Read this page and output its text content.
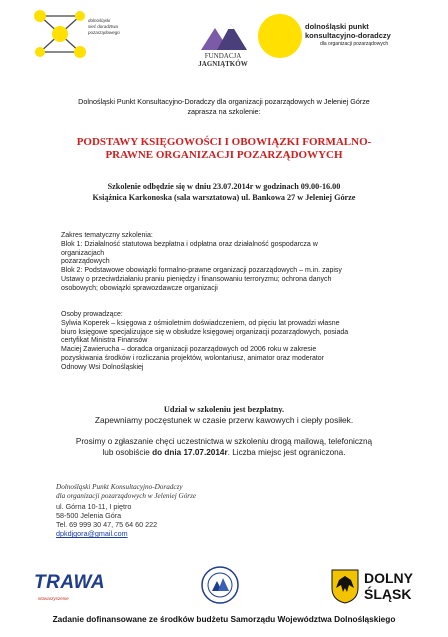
dolnośląski
sieć doradztwa
pozarządowego
FUNDACJA
JAGNIĄTKÓW
dolnośląski punkt
konsultacyjno-doradczy
dla organizacji pozarządowych
Dolnośląski Punkt Konsultacyjno-Doradczy dla organizacji pozarządowych w Jeleniej Górze
zaprasza na szkolenie:
PODSTAWY KSIĘGOWOŚCI I OBOWIĄZKI FORMALNO-
PRAWNE ORGANIZACJI POZARZĄDOWYCH
Szkolenie odbędzie się w dniu 23.07.2014r w godzinach 09.00-16.00
Książnica Karkonoska (sala warsztatowa) ul. Bankowa 27 w Jeleniej Górze

Zakres tematyczny szkolenia:

Blok 1: Działalność statutowa bezpłatna i odpłatna oraz działalność gospodarcza w

organizacjach

pozarządowych

Blok 2: Podstawowe obowiązki formalno-prawne organizacji pozarządowych – m.in. zapisy

Ustawy o przeciwdziałaniu praniu pieniędzy i finansowaniu terroryzmu; ochrona danych

osobowych; obowiązki sprawozdawcze organizacji

Osoby prowadzące:

Sylwia Koperek – księgowa z ośmioletnim doświadczeniem, od pięciu lat prowadzi własne

biuro księgowe specjalizujące się w obsłudze księgowej organizacji pozarządowych, posiada

certyfikat Ministra Finansów

Maciej Zawierucha – doradca organizacji pozarządowych od 2006 roku w zakresie

pozyskiwania środków i rozliczania projektów, wolontariusz, animator oraz moderator

Odnowy Wsi Dolnośląskiej

Udział w szkoleniu jest bezpłatny.
Zapewniamy poczęstunek w czasie przerw kawowych i ciepły posiłek.
Prosimy o zgłaszanie chęci uczestnictwa w szkoleniu drogą mailową, telefoniczną
lub osobiście do dnia 17.07.2014r. Liczba miejsc jest ograniczona.
Dolnośląski Punkt Konsultacyjno-Doradczy
dla organizacji pozarządowych w Jeleniej Górze
ul. Górna 10-11, I piętro
58-500 Jelenia Góra
Tel. 69 999 30 47, 75 64 60 222
dpkdjgora@gmail.com
TRAWA
stowarzyszenie
DOLNY
ŚLĄSK
Zadanie dofinansowane ze środków budżetu Samorządu Województwa Dolnośląskiego
